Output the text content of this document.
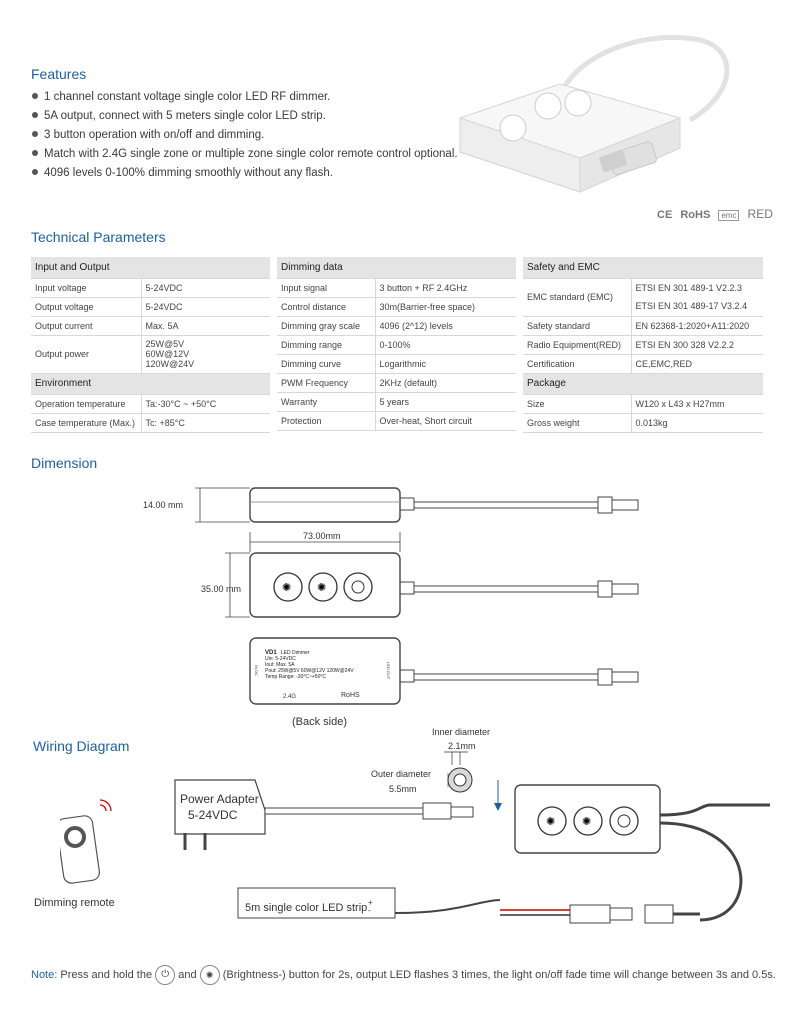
Features
1 channel constant voltage single color LED RF dimmer.
5A output, connect with 5 meters single color LED strip.
3 button operation with on/off and dimming.
Match with 2.4G single zone or multiple zone single color remote control optional.
4096 levels 0-100% dimming smoothly without any flash.
CE RoHS emc RED
Technical Parameters
Input and Output	
Input voltage	5-24VDC
Output voltage	5-24VDC
Output current	Max. 5A
Output power	25W@5V
60W@12V
120W@24V

Environment	
Operation temperature	Ta:-30°C ~ +50°C
Case temperature (Max.)	Tc: +85°C
Dimming data	
Input signal	3 button + RF 2.4GHz
Control distance	30m(Barrier-free space)
Dimming gray scale	4096 (2^12) levels
Dimming range	0-100%
Dimming curve	Logarithmic
PWM Frequency	2KHz (default)
Warranty	5 years
Protection	Over-heat, Short circuit
Safety and EMC	
EMC standard (EMC)	ETSI EN 301 489-1 V2.2.3
ETSI EN 301 489-17 V3.2.4

Safety standard	EN 62368-1:2020+A11:2020
Radio Equipment(RED)	ETSI EN 300 328 V2.2.2
Certification	CE,EMC,RED
Package	
Size	W120 x L43 x H27mm
Gross weight	0.013kg
Dimension
✺ ✺
14.00 mm
73.00mm
35.00 mm
VD1 LED Dimmer
Uin: 5-24VDC
Iout: Max. 5A
Pout: 25W@5V 60W@12V 120W@24V
Temp Range: -30°C~+50°C
2.4G	RoHS
IN DC	LED OUT
(Back side)
Wiring Diagram
Inner diameter
2.1mm
Outer diameter
5.5mm
✺ ✺
Power Adapter
5-24VDC
Dimming remote	5m single color LED strip +
-
Note: Press and hold the ⏻ and ✺ (Brightness-) button for 2s, output LED flashes 3 times, the light on/off fade time will change between 3s and 0.5s.
